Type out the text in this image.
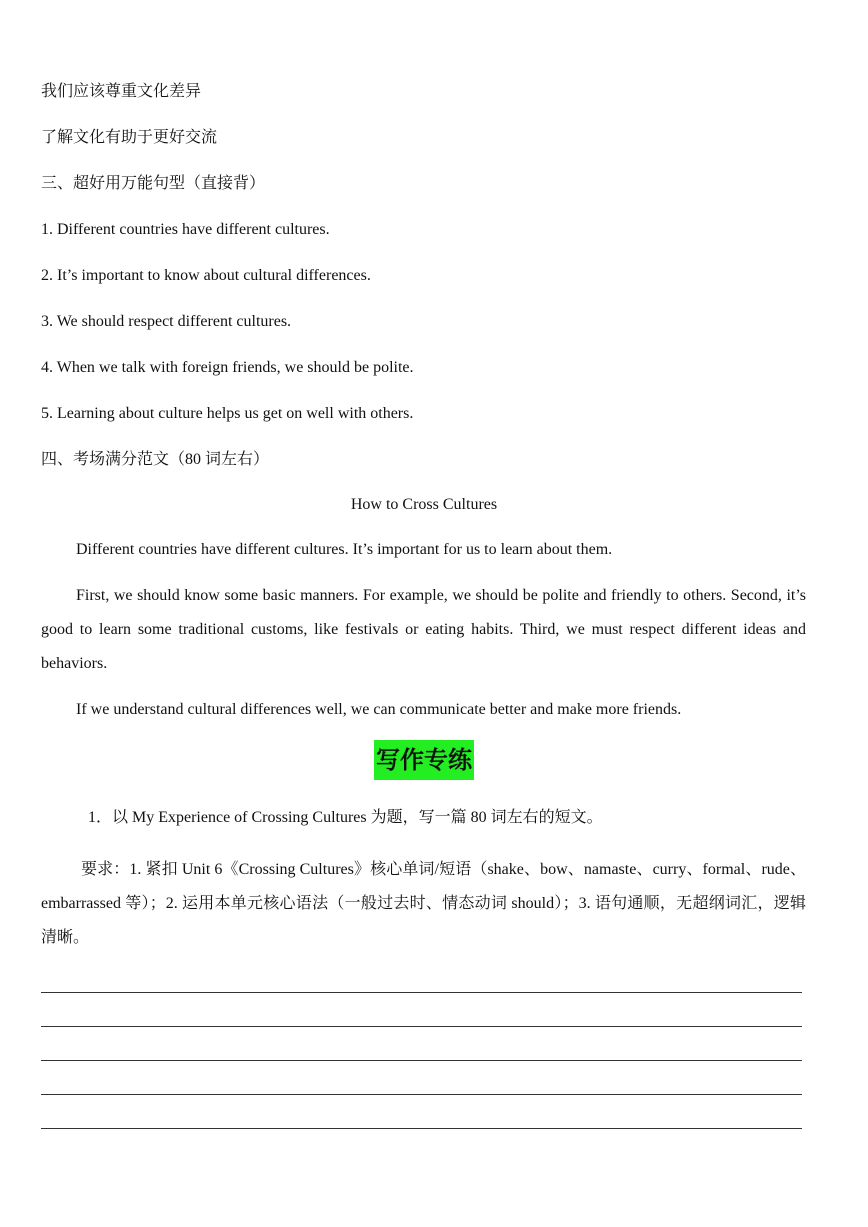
我们应该尊重文化差异
了解文化有助于更好交流
三、超好用万能句型（直接背）
1. Different countries have different cultures.
2. It’s important to know about cultural differences.
3. We should respect different cultures.
4. When we talk with foreign friends, we should be polite.
5. Learning about culture helps us get on well with others.
四、考场满分范文（80 词左右）
How to Cross Cultures
Different countries have different cultures. It’s important for us to learn about them.
First, we should know some basic manners. For example, we should be polite and friendly to others. Second, it’s good to learn some traditional customs, like festivals or eating habits. Third, we must respect different ideas and behaviors.
If we understand cultural differences well, we can communicate better and make more friends.
写作专练
1．以 My Experience of Crossing Cultures 为题，写一篇 80 词左右的短文。
要求：1. 紧扣 Unit 6《Crossing Cultures》核心单词/短语（shake、bow、namaste、curry、formal、rude、embarrassed 等）；2. 运用本单元核心语法（一般过去时、情态动词 should）；3. 语句通顺，无超纲词汇，逻辑清晰。
